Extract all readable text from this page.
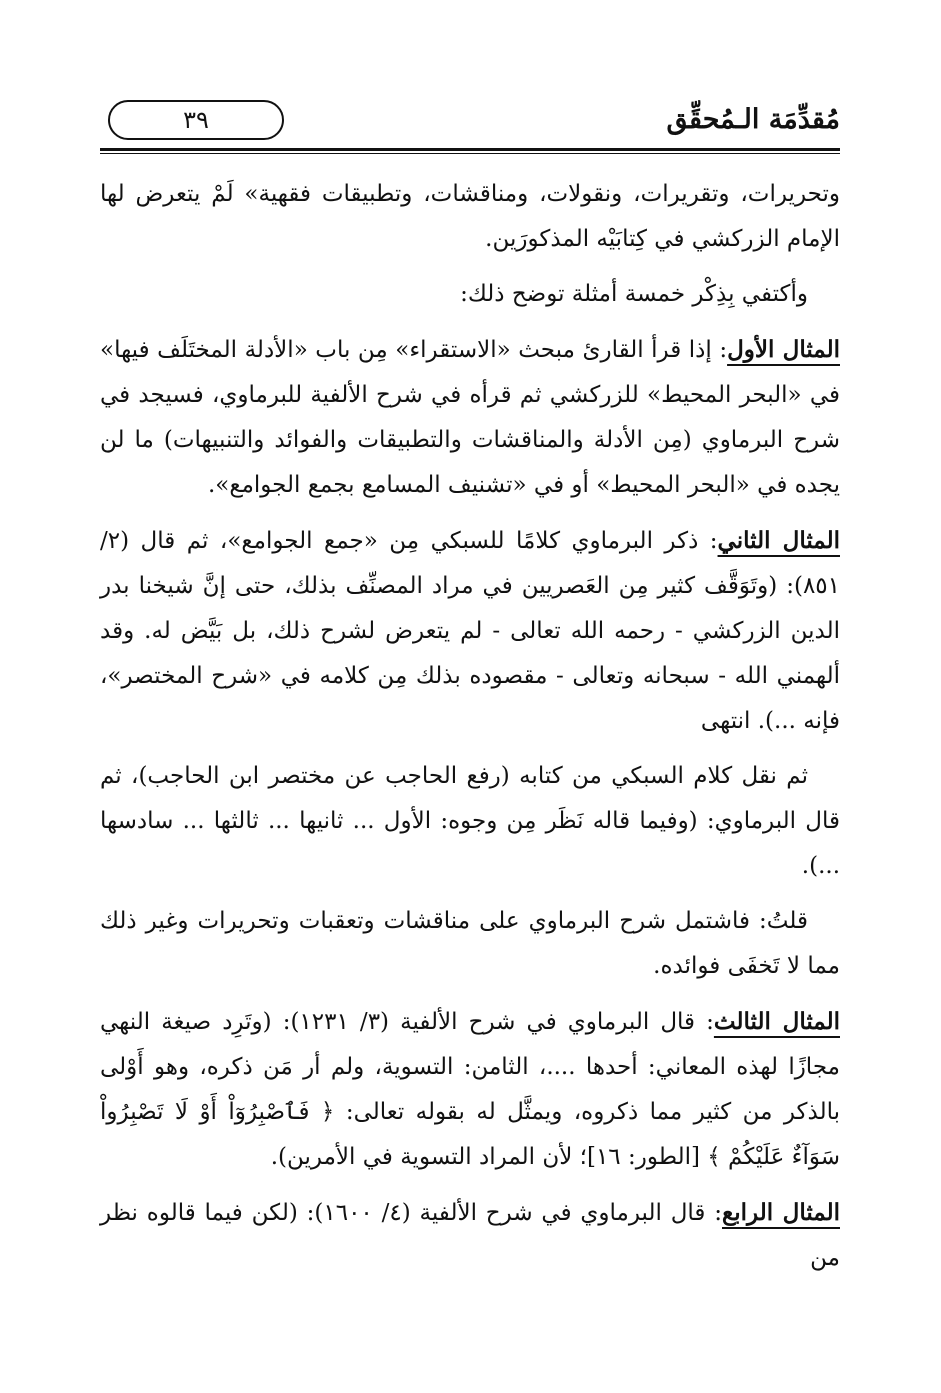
مُقدِّمَة الـمُحقِّق
٣٩

وتحريرات، وتقريرات، ونقولات، ومناقشات، وتطبيقات فقهية» لَمْ يتعرض لها الإمام الزركشي في كِتابَيْه المذكورَين.

وأكتفي بِذِكْر خمسة أمثلة توضح ذلك:

المثال الأول: إذا قرأ القارئ مبحث «الاستقراء» مِن باب «الأدلة المختَلَف فيها» في «البحر المحيط» للزركشي ثم قرأه في شرح الألفية للبرماوي، فسيجد في شرح البرماوي (مِن الأدلة والمناقشات والتطبيقات والفوائد والتنبيهات) ما لن يجده في «البحر المحيط» أو في «تشنيف المسامع بجمع الجوامع».

المثال الثاني: ذكر البرماوي كلامًا للسبكي مِن «جمع الجوامع»، ثم قال (٢/ ٨٥١): (وتَوَقَّف كثير مِن العَصريين في مراد المصنِّف بذلك، حتى إنَّ شيخنا بدر الدين الزركشي - رحمه الله تعالى - لم يتعرض لشرح ذلك، بل بَيَّض له. وقد ألهمني الله - سبحانه وتعالى - مقصوده بذلك مِن كلامه في «شرح المختصر»، فإنه ...). انتهى

ثم نقل كلام السبكي من كتابه (رفع الحاجب عن مختصر ابن الحاجب)، ثم قال البرماوي: (وفيما قاله نَظَر مِن وجوه: الأول ... ثانيها ... ثالثها ... سادسها ...).

قلتُ: فاشتمل شرح البرماوي على مناقشات وتعقبات وتحريرات وغير ذلك مما لا تَخفَى فوائده.

المثال الثالث: قال البرماوي في شرح الألفية (٣/ ١٢٣١): (وتَرِد صيغة النهي مجازًا لهذه المعاني: أحدها ....، الثامن: التسوية، ولم أر مَن ذكره، وهو أَوْلى بالذكر من كثير مما ذكروه، ويمثَّل له بقوله تعالى: ﴿ فَٱصْبِرُوٓاْ أَوْ لَا تَصْبِرُواْ سَوَآءٌ عَلَيْكُمْ ﴾ [الطور: ١٦]؛ لأن المراد التسوية في الأمرين).

المثال الرابع: قال البرماوي في شرح الألفية (٤/ ١٦٠٠): (لكن فيما قالوه نظر من
